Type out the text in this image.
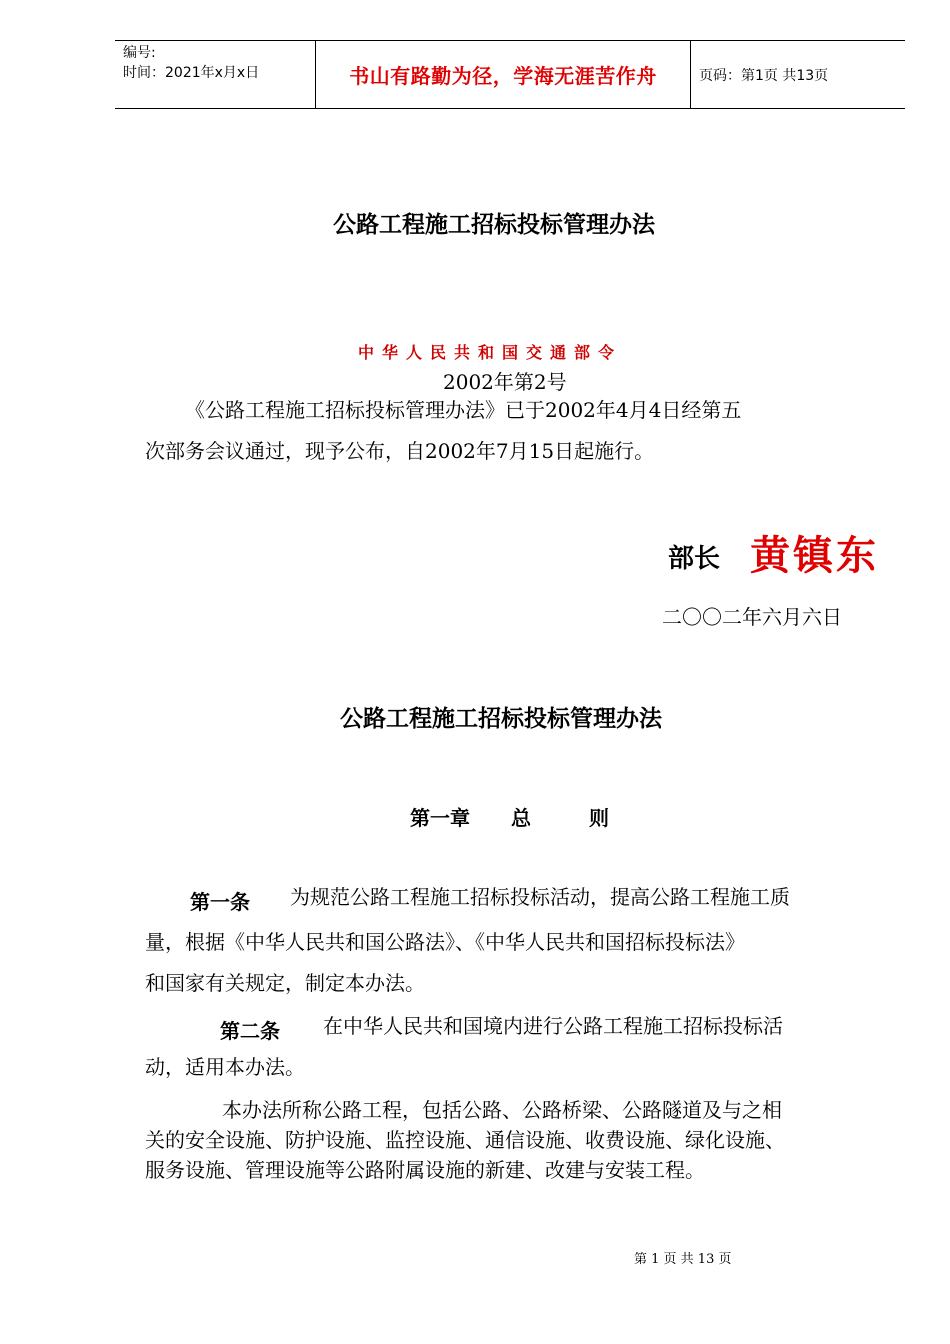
编号:
时间：2021年x月x日	书山有路勤为径，学海无涯苦作舟	页码：第1页 共13页
公路工程施工招标投标管理办法
中华人民共和国交通部令
2002年第2号
《公路工程施工招标投标管理办法》已于2002年4月4日经第五
次部务会议通过，现予公布，自2002年7月15日起施行。
部长 黄镇东
二〇〇二年六月六日
公路工程施工招标投标管理办法
第一章 总	则
第一条 为规范公路工程施工招标投标活动，提高公路工程施工质
量，根据《中华人民共和国公路法》、《中华人民共和国招标投标法》
和国家有关规定，制定本办法。
第二条 在中华人民共和国境内进行公路工程施工招标投标活
动，适用本办法。
本办法所称公路工程，包括公路、公路桥梁、公路隧道及与之相
关的安全设施、防护设施、监控设施、通信设施、收费设施、绿化设施、
服务设施、管理设施等公路附属设施的新建、改建与安装工程。
第 1 页 共 13 页
